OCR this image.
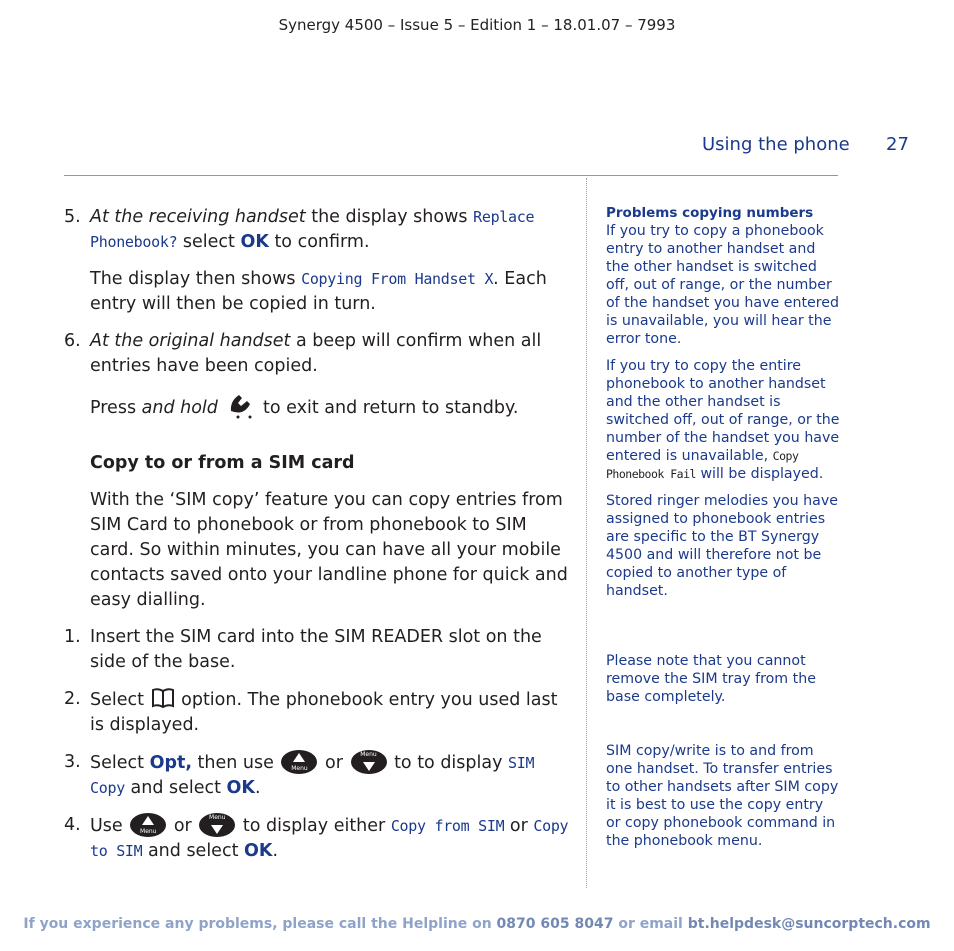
Synergy 4500 – Issue 5 – Edition 1 – 18.01.07 – 7993
Using the phone 27
5. At the receiving handset the display shows Replace Phonebook? select OK to confirm.
The display then shows Copying From Handset X. Each entry will then be copied in turn.
6. At the original handset a beep will confirm when all entries have been copied.
Press and hold  to exit and return to standby.
Copy to or from a SIM card
With the ‘SIM copy’ feature you can copy entries from SIM Card to phonebook or from phonebook to SIM card. So within minutes, you can have all your mobile contacts saved onto your landline phone for quick and easy dialling.
1. Insert the SIM card into the SIM READER slot on the side of the base.
2. Select  option. The phonebook entry you used last is displayed.
3. Select Opt, then use	Menu or	Menu to to display SIM Copy and select OK.
4. Use	Menu or	Menu to display either Copy from SIM or Copy to SIM and select OK.

Problems copying numbers
If you try to copy a phonebook entry to another handset and the other handset is switched off, out of range, or the number of the handset you have entered is unavailable, you will hear the error tone.

If you try to copy the entire phonebook to another handset and the other handset is switched off, out of range, or the number of the handset you have entered is unavailable, Copy Phonebook Fail will be displayed.

Stored ringer melodies you have assigned to phonebook entries are specific to the BT Synergy 4500 and will therefore not be copied to another type of handset.

Please note that you cannot remove the SIM tray from the base completely.

SIM copy/write is to and from one handset. To transfer entries to other handsets after SIM copy it is best to use the copy entry or copy phonebook command in the phonebook menu.

If you experience any problems, please call the Helpline on 0870 605 8047 or email bt.helpdesk@suncorptech.com
